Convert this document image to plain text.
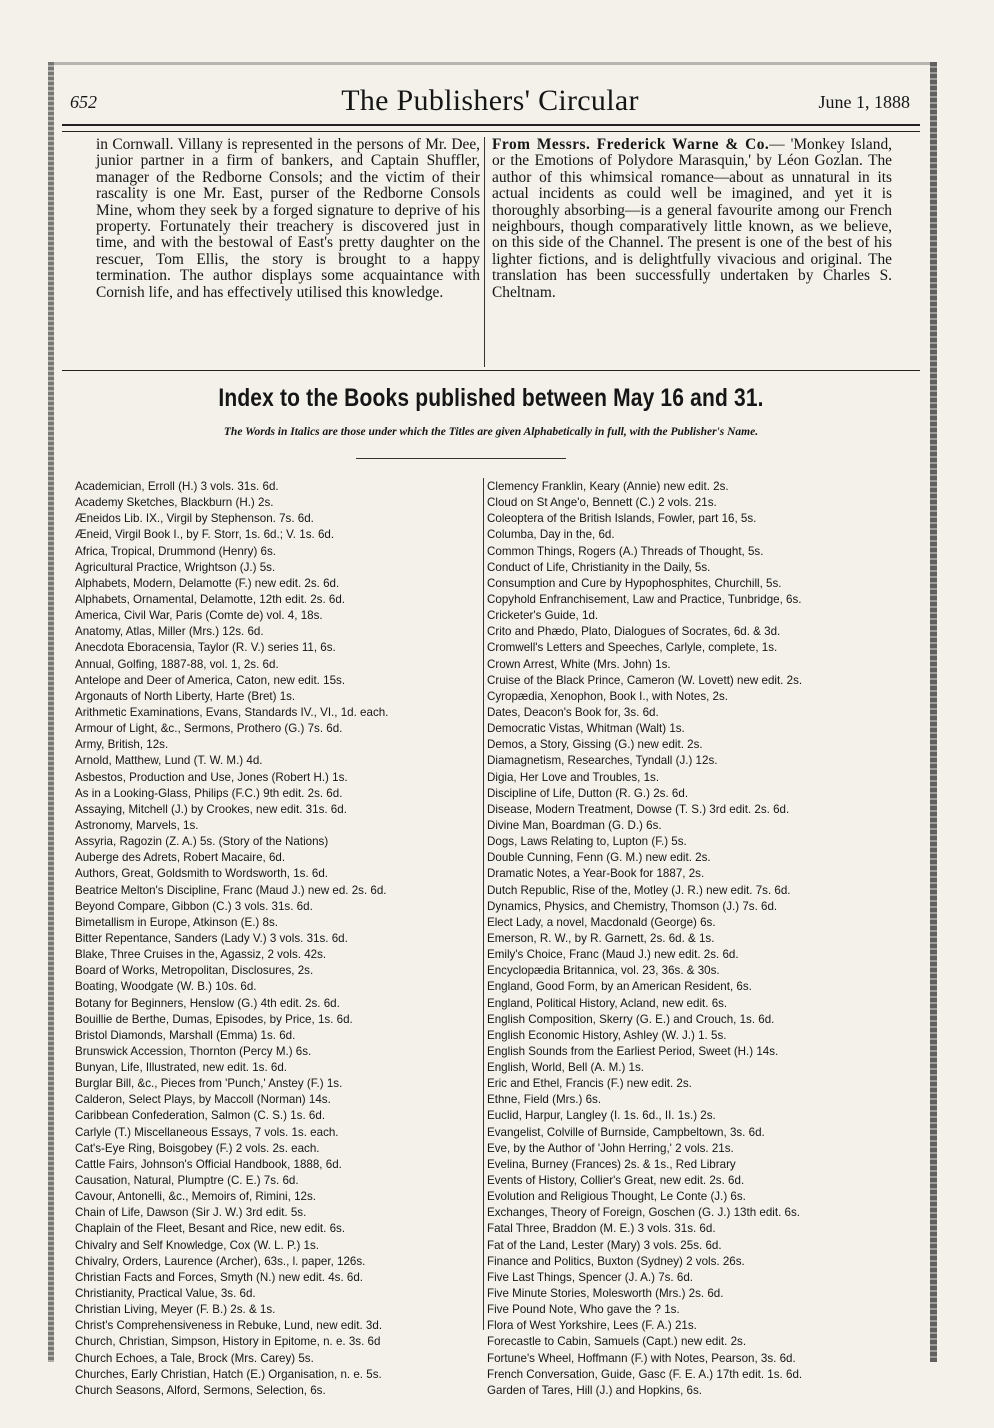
652	The Publishers' Circular	June 1, 1888
in Cornwall. Villany is represented in the persons of Mr. Dee, junior partner in a firm of bankers, and Captain Shuffler, manager of the Redborne Consols; and the victim of their rascality is one Mr. East, purser of the Redborne Consols Mine, whom they seek by a forged signature to deprive of his property. Fortunately their treachery is discovered just in time, and with the bestowal of East's pretty daughter on the rescuer, Tom Ellis, the story is brought to a happy termination. The author displays some acquaintance with Cornish life, and has effectively utilised this knowledge.
From Messrs. Frederick Warne & Co.— 'Monkey Island, or the Emotions of Polydore Marasquin,' by Léon Gozlan. The author of this whimsical romance—about as unnatural in its actual incidents as could well be imagined, and yet it is thoroughly absorbing—is a general favourite among our French neighbours, though comparatively little known, as we believe, on this side of the Channel. The present is one of the best of his lighter fictions, and is delightfully vivacious and original. The translation has been successfully undertaken by Charles S. Cheltnam.
Index to the Books published between May 16 and 31.
The Words in Italics are those under which the Titles are given Alphabetically in full, with the Publisher's Name.
Academician, Erroll (H.) 3 vols. 31s. 6d.
Academy Sketches, Blackburn (H.) 2s.
Æneidos Lib. IX., Virgil by Stephenson. 7s. 6d.
Æneid, Virgil Book I., by F. Storr, 1s. 6d.; V. 1s. 6d.
Africa, Tropical, Drummond (Henry) 6s.
Agricultural Practice, Wrightson (J.) 5s.
Alphabets, Modern, Delamotte (F.) new edit. 2s. 6d.
Alphabets, Ornamental, Delamotte, 12th edit. 2s. 6d.
America, Civil War, Paris (Comte de) vol. 4, 18s.
Anatomy, Atlas, Miller (Mrs.) 12s. 6d.
Anecdota Eboracensia, Taylor (R. V.) series 11, 6s.
Annual, Golfing, 1887-88, vol. 1, 2s. 6d.
Antelope and Deer of America, Caton, new edit. 15s.
Argonauts of North Liberty, Harte (Bret) 1s.
Arithmetic Examinations, Evans, Standards IV., VI., 1d. each.
Armour of Light, &c., Sermons, Prothero (G.) 7s. 6d.
Army, British, 12s.
Arnold, Matthew, Lund (T. W. M.) 4d.
Asbestos, Production and Use, Jones (Robert H.) 1s.
As in a Looking-Glass, Philips (F.C.) 9th edit. 2s. 6d.
Assaying, Mitchell (J.) by Crookes, new edit. 31s. 6d.
Astronomy, Marvels, 1s.
Assyria, Ragozin (Z. A.) 5s. (Story of the Nations)
Auberge des Adrets, Robert Macaire, 6d.
Authors, Great, Goldsmith to Wordsworth, 1s. 6d.
Beatrice Melton's Discipline, Franc (Maud J.) new ed. 2s. 6d.
Beyond Compare, Gibbon (C.) 3 vols. 31s. 6d.
Bimetallism in Europe, Atkinson (E.) 8s.
Bitter Repentance, Sanders (Lady V.) 3 vols. 31s. 6d.
Blake, Three Cruises in the, Agassiz, 2 vols. 42s.
Board of Works, Metropolitan, Disclosures, 2s.
Boating, Woodgate (W. B.) 10s. 6d.
Botany for Beginners, Henslow (G.) 4th edit. 2s. 6d.
Bouillie de Berthe, Dumas, Episodes, by Price, 1s. 6d.
Bristol Diamonds, Marshall (Emma) 1s. 6d.
Brunswick Accession, Thornton (Percy M.) 6s.
Bunyan, Life, Illustrated, new edit. 1s. 6d.
Burglar Bill, &c., Pieces from 'Punch,' Anstey (F.) 1s.
Calderon, Select Plays, by Maccoll (Norman) 14s.
Caribbean Confederation, Salmon (C. S.) 1s. 6d.
Carlyle (T.) Miscellaneous Essays, 7 vols. 1s. each.
Cat's-Eye Ring, Boisgobey (F.) 2 vols. 2s. each.
Cattle Fairs, Johnson's Official Handbook, 1888, 6d.
Causation, Natural, Plumptre (C. E.) 7s. 6d.
Cavour, Antonelli, &c., Memoirs of, Rimini, 12s.
Chain of Life, Dawson (Sir J. W.) 3rd edit. 5s.
Chaplain of the Fleet, Besant and Rice, new edit. 6s.
Chivalry and Self Knowledge, Cox (W. L. P.) 1s.
Chivalry, Orders, Laurence (Archer), 63s., l. paper, 126s.
Christian Facts and Forces, Smyth (N.) new edit. 4s. 6d.
Christianity, Practical Value, 3s. 6d.
Christian Living, Meyer (F. B.) 2s. & 1s.
Christ's Comprehensiveness in Rebuke, Lund, new edit. 3d.
Church, Christian, Simpson, History in Epitome, n. e. 3s. 6d
Church Echoes, a Tale, Brock (Mrs. Carey) 5s.
Churches, Early Christian, Hatch (E.) Organisation, n. e. 5s.
Church Seasons, Alford, Sermons, Selection, 6s.
Clemency Franklin, Keary (Annie) new edit. 2s.
Cloud on St Ange'o, Bennett (C.) 2 vols. 21s.
Coleoptera of the British Islands, Fowler, part 16, 5s.
Columba, Day in the, 6d.
Common Things, Rogers (A.) Threads of Thought, 5s.
Conduct of Life, Christianity in the Daily, 5s.
Consumption and Cure by Hypophosphites, Churchill, 5s.
Copyhold Enfranchisement, Law and Practice, Tunbridge, 6s.
Cricketer's Guide, 1d.
Crito and Phædo, Plato, Dialogues of Socrates, 6d. & 3d.
Cromwell's Letters and Speeches, Carlyle, complete, 1s.
Crown Arrest, White (Mrs. John) 1s.
Cruise of the Black Prince, Cameron (W. Lovett) new edit. 2s.
Cyropædia, Xenophon, Book I., with Notes, 2s.
Dates, Deacon's Book for, 3s. 6d.
Democratic Vistas, Whitman (Walt) 1s.
Demos, a Story, Gissing (G.) new edit. 2s.
Diamagnetism, Researches, Tyndall (J.) 12s.
Digia, Her Love and Troubles, 1s.
Discipline of Life, Dutton (R. G.) 2s. 6d.
Disease, Modern Treatment, Dowse (T. S.) 3rd edit. 2s. 6d.
Divine Man, Boardman (G. D.) 6s.
Dogs, Laws Relating to, Lupton (F.) 5s.
Double Cunning, Fenn (G. M.) new edit. 2s.
Dramatic Notes, a Year-Book for 1887, 2s.
Dutch Republic, Rise of the, Motley (J. R.) new edit. 7s. 6d.
Dynamics, Physics, and Chemistry, Thomson (J.) 7s. 6d.
Elect Lady, a novel, Macdonald (George) 6s.
Emerson, R. W., by R. Garnett, 2s. 6d. & 1s.
Emily's Choice, Franc (Maud J.) new edit. 2s. 6d.
Encyclopædia Britannica, vol. 23, 36s. & 30s.
England, Good Form, by an American Resident, 6s.
England, Political History, Acland, new edit. 6s.
English Composition, Skerry (G. E.) and Crouch, 1s. 6d.
English Economic History, Ashley (W. J.) 1. 5s.
English Sounds from the Earliest Period, Sweet (H.) 14s.
English, World, Bell (A. M.) 1s.
Eric and Ethel, Francis (F.) new edit. 2s.
Ethne, Field (Mrs.) 6s.
Euclid, Harpur, Langley (I. 1s. 6d., II. 1s.) 2s.
Evangelist, Colville of Burnside, Campbeltown, 3s. 6d.
Eve, by the Author of 'John Herring,' 2 vols. 21s.
Evelina, Burney (Frances) 2s. & 1s., Red Library
Events of History, Collier's Great, new edit. 2s. 6d.
Evolution and Religious Thought, Le Conte (J.) 6s.
Exchanges, Theory of Foreign, Goschen (G. J.) 13th edit. 6s.
Fatal Three, Braddon (M. E.) 3 vols. 31s. 6d.
Fat of the Land, Lester (Mary) 3 vols. 25s. 6d.
Finance and Politics, Buxton (Sydney) 2 vols. 26s.
Five Last Things, Spencer (J. A.) 7s. 6d.
Five Minute Stories, Molesworth (Mrs.) 2s. 6d.
Five Pound Note, Who gave the ? 1s.
Flora of West Yorkshire, Lees (F. A.) 21s.
Forecastle to Cabin, Samuels (Capt.) new edit. 2s.
Fortune's Wheel, Hoffmann (F.) with Notes, Pearson, 3s. 6d.
French Conversation, Guide, Gasc (F. E. A.) 17th edit. 1s. 6d.
Garden of Tares, Hill (J.) and Hopkins, 6s.
